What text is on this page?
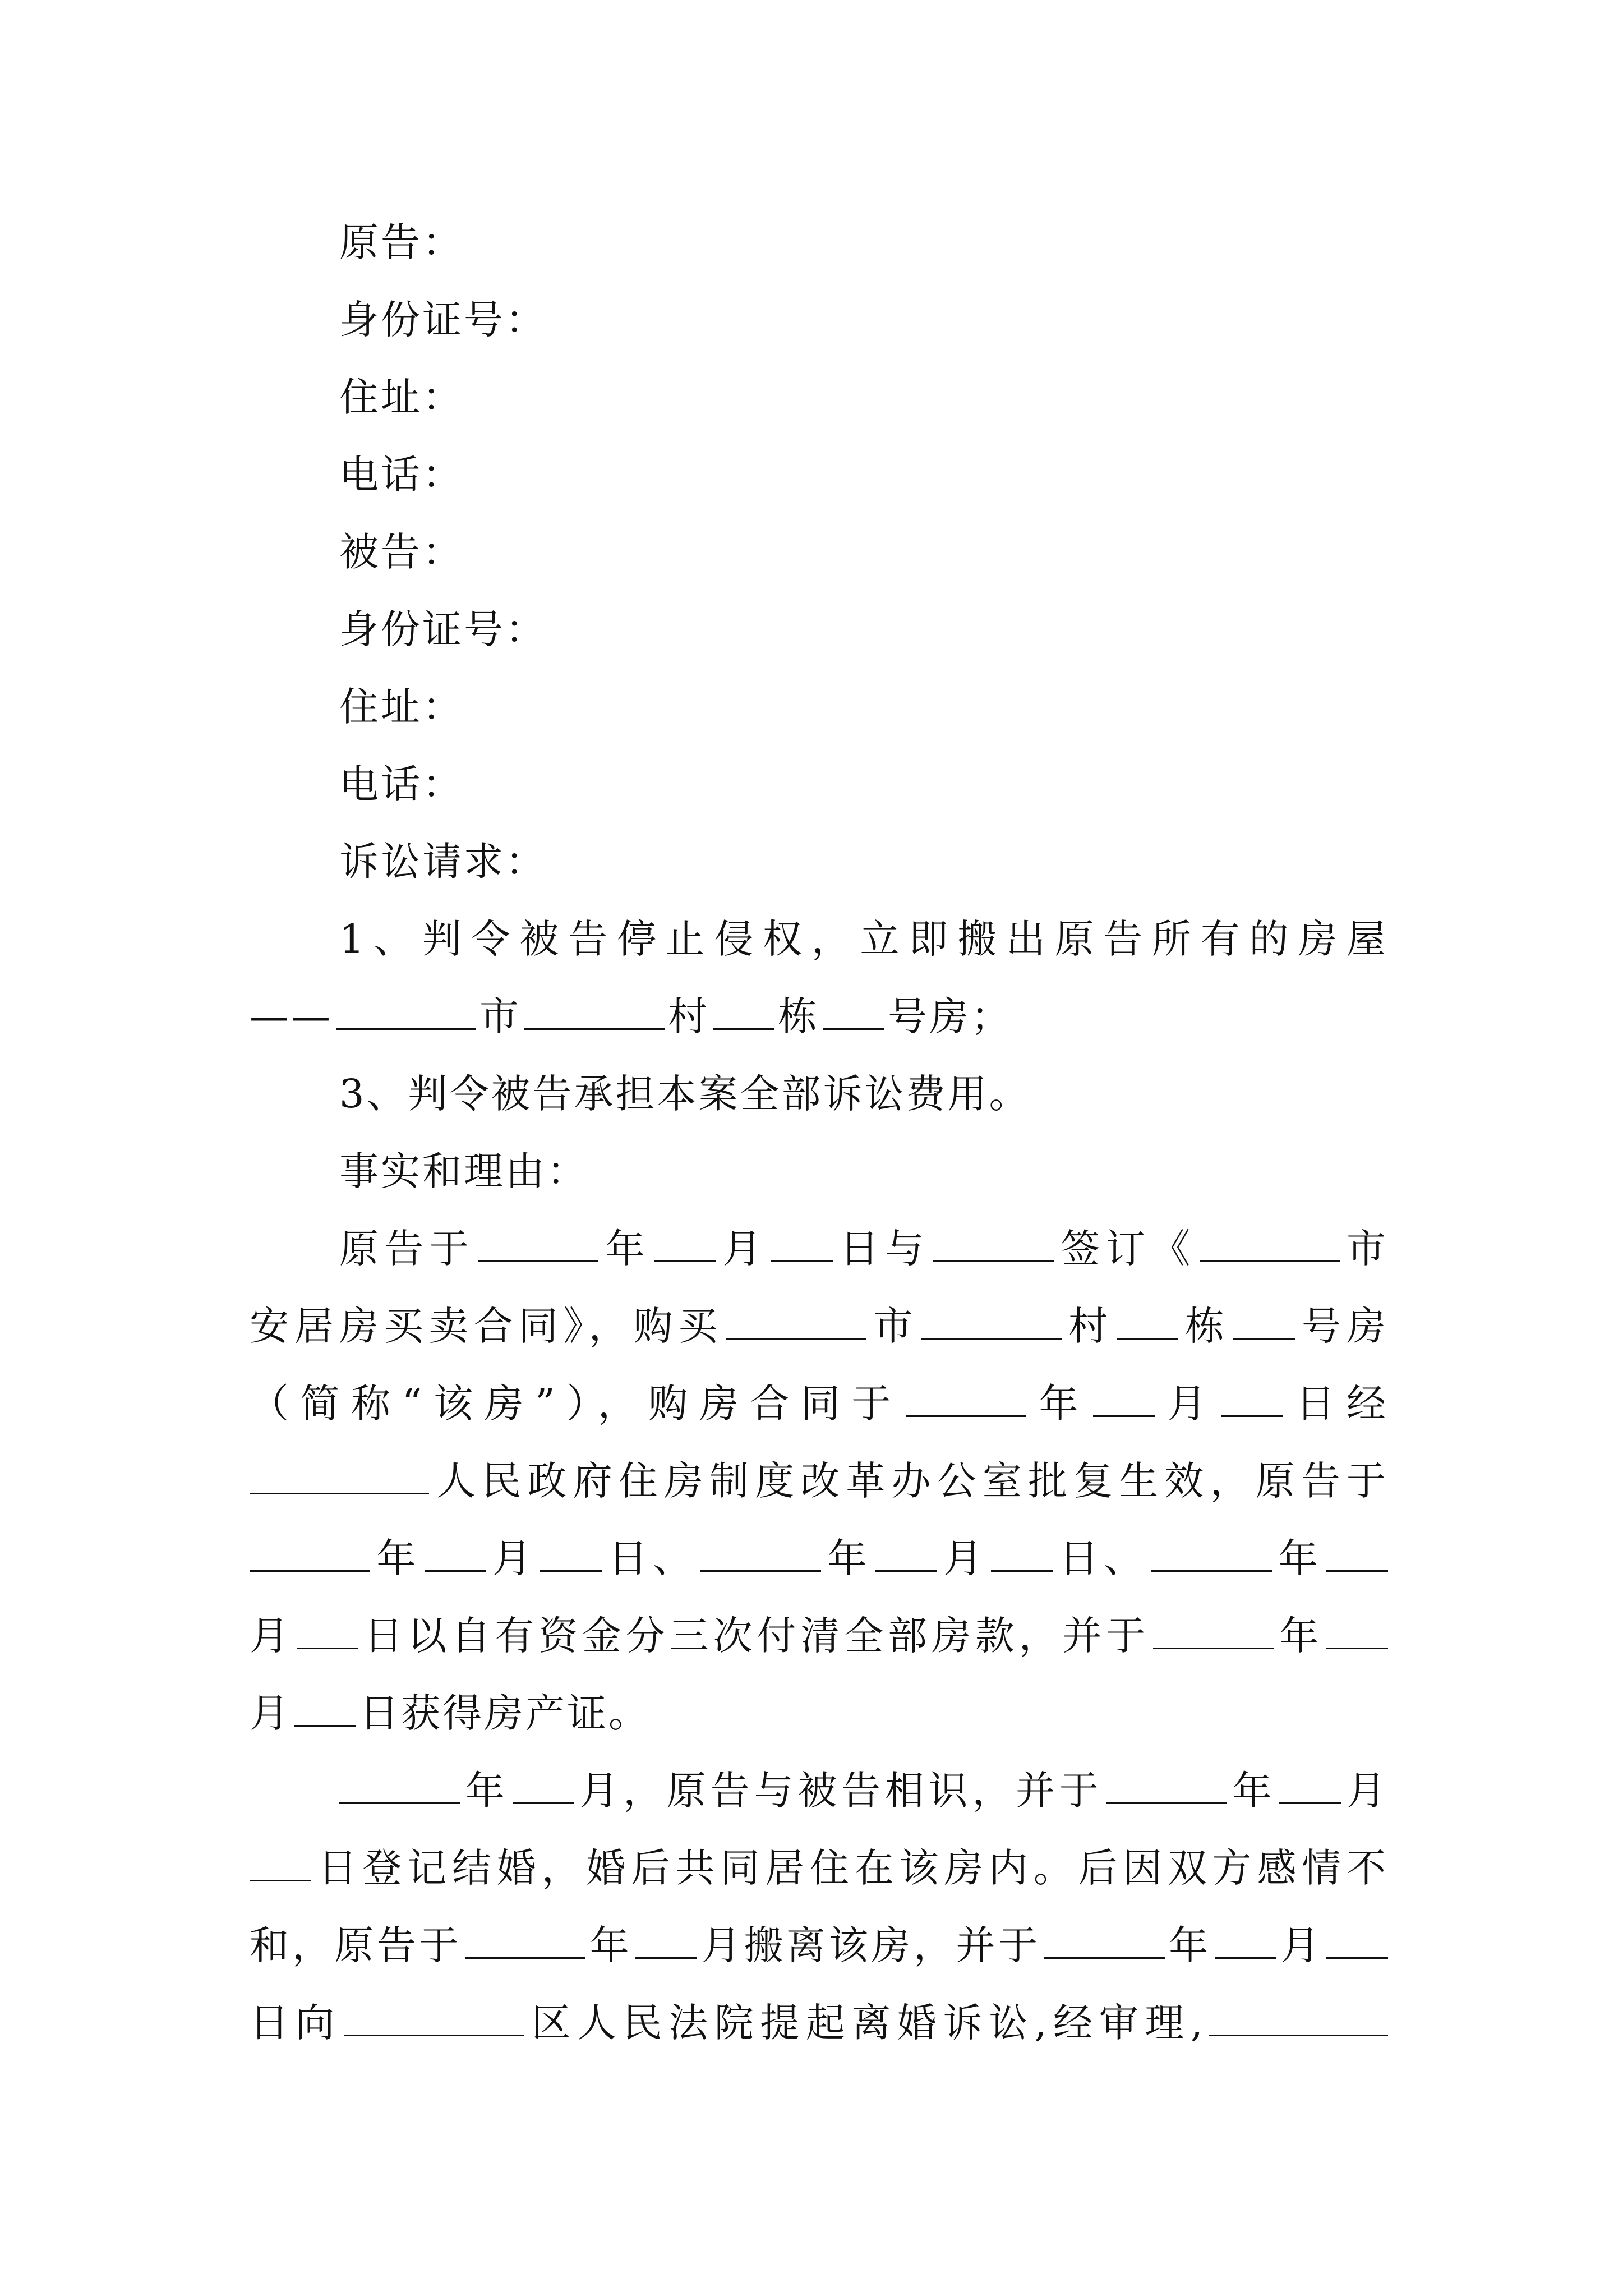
原告：
身份证号：
住址：
电话：
被告：
身份证号：
住址：
电话：
诉讼请求：
1、判令被告停止侵权，立即搬出原告所有的房屋
——	市	村 栋 号房；
3、判令被告承担本案全部诉讼费用。
事实和理由：
原告于	年 月 日与	签订《	市
安居房买卖合同》，购买	市	村 栋 号房
（简称“该房”），购房合同于	年 月 日经
人民政府住房制度改革办公室批复生效，原告于
年 月 日、	年 月 日、	年
月 日以自有资金分三次付清全部房款，并于	年
月 日获得房产证。
年 月，原告与被告相识，并于	年 月
日登记结婚，婚后共同居住在该房内。后因双方感情不
和，原告于	年 月搬离该房，并于	年 月
日向	区人民法院提起离婚诉讼,经审理,
